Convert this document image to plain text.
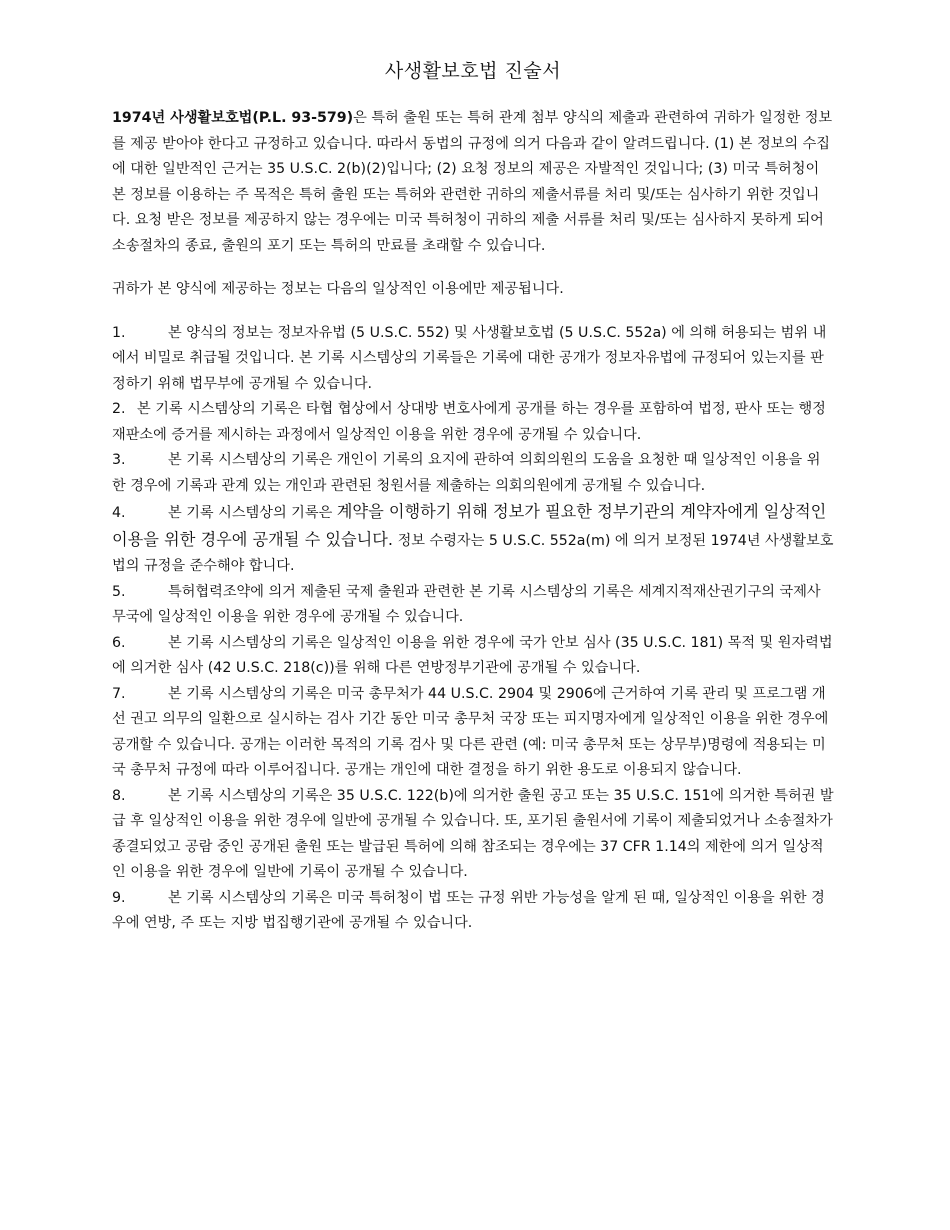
사생활보호법 진술서

1974년 사생활보호법(P.L. 93-579)은 특허 출원 또는 특허 관계 첨부 양식의 제출과 관련하여 귀하가 일정한 정보를 제공 받아야 한다고 규정하고 있습니다. 따라서 동법의 규정에 의거 다음과 같이 알려드립니다. (1) 본 정보의 수집에 대한 일반적인 근거는 35 U.S.C. 2(b)(2)입니다; (2) 요청 정보의 제공은 자발적인 것입니다; (3) 미국 특허청이 본 정보를 이용하는 주 목적은 특허 출원 또는 특허와 관련한 귀하의 제출서류를 처리 및/또는 심사하기 위한 것입니다. 요청 받은 정보를 제공하지 않는 경우에는 미국 특허청이 귀하의 제출 서류를 처리 및/또는 심사하지 못하게 되어 소송절차의 종료, 출원의 포기 또는 특허의 만료를 초래할 수 있습니다.

귀하가 본 양식에 제공하는 정보는 다음의 일상적인 이용에만 제공됩니다.

1.	본 양식의 정보는 정보자유법 (5 U.S.C. 552) 및 사생활보호법 (5 U.S.C. 552a) 에 의해 허용되는 범위 내에서 비밀로 취급될 것입니다. 본 기록 시스템상의 기록들은 기록에 대한 공개가 정보자유법에 규정되어 있는지를 판정하기 위해 법무부에 공개될 수 있습니다.

2. 본 기록 시스템상의 기록은 타협 협상에서 상대방 변호사에게 공개를 하는 경우를 포함하여 법정, 판사 또는 행정재판소에 증거를 제시하는 과정에서 일상적인 이용을 위한 경우에 공개될 수 있습니다.

3.	본 기록 시스템상의 기록은 개인이 기록의 요지에 관하여 의회의원의 도움을 요청한 때 일상적인 이용을 위한 경우에 기록과 관계 있는 개인과 관련된 청원서를 제출하는 의회의원에게 공개될 수 있습니다.

4.	본 기록 시스템상의 기록은 계약을 이행하기 위해 정보가 필요한 정부기관의 계약자에게 일상적인 이용을 위한 경우에 공개될 수 있습니다. 정보 수령자는 5 U.S.C. 552a(m) 에 의거 보정된 1974년 사생활보호법의 규정을 준수해야 합니다.

5.	특허협력조약에 의거 제출된 국제 출원과 관련한 본 기록 시스템상의 기록은 세계지적재산권기구의 국제사무국에 일상적인 이용을 위한 경우에 공개될 수 있습니다.

6.	본 기록 시스템상의 기록은 일상적인 이용을 위한 경우에 국가 안보 심사 (35 U.S.C. 181) 목적 및 원자력법에 의거한 심사 (42 U.S.C. 218(c))를 위해 다른 연방정부기관에 공개될 수 있습니다.

7.	본 기록 시스템상의 기록은 미국 총무처가 44 U.S.C. 2904 및 2906에 근거하여 기록 관리 및 프로그램 개선 권고 의무의 일환으로 실시하는 검사 기간 동안 미국 총무처 국장 또는 피지명자에게 일상적인 이용을 위한 경우에 공개할 수 있습니다. 공개는 이러한 목적의 기록 검사 및 다른 관련 (예: 미국 총무처 또는 상무부)명령에 적용되는 미국 총무처 규정에 따라 이루어집니다. 공개는 개인에 대한 결정을 하기 위한 용도로 이용되지 않습니다.

8.	본 기록 시스템상의 기록은 35 U.S.C. 122(b)에 의거한 출원 공고 또는 35 U.S.C. 151에 의거한 특허권 발급 후 일상적인 이용을 위한 경우에 일반에 공개될 수 있습니다. 또, 포기된 출원서에 기록이 제출되었거나 소송절차가 종결되었고 공람 중인 공개된 출원 또는 발급된 특허에 의해 참조되는 경우에는 37 CFR 1.14의 제한에 의거 일상적인 이용을 위한 경우에 일반에 기록이 공개될 수 있습니다.

9.	본 기록 시스템상의 기록은 미국 특허청이 법 또는 규정 위반 가능성을 알게 된 때, 일상적인 이용을 위한 경우에 연방, 주 또는 지방 법집행기관에 공개될 수 있습니다.
